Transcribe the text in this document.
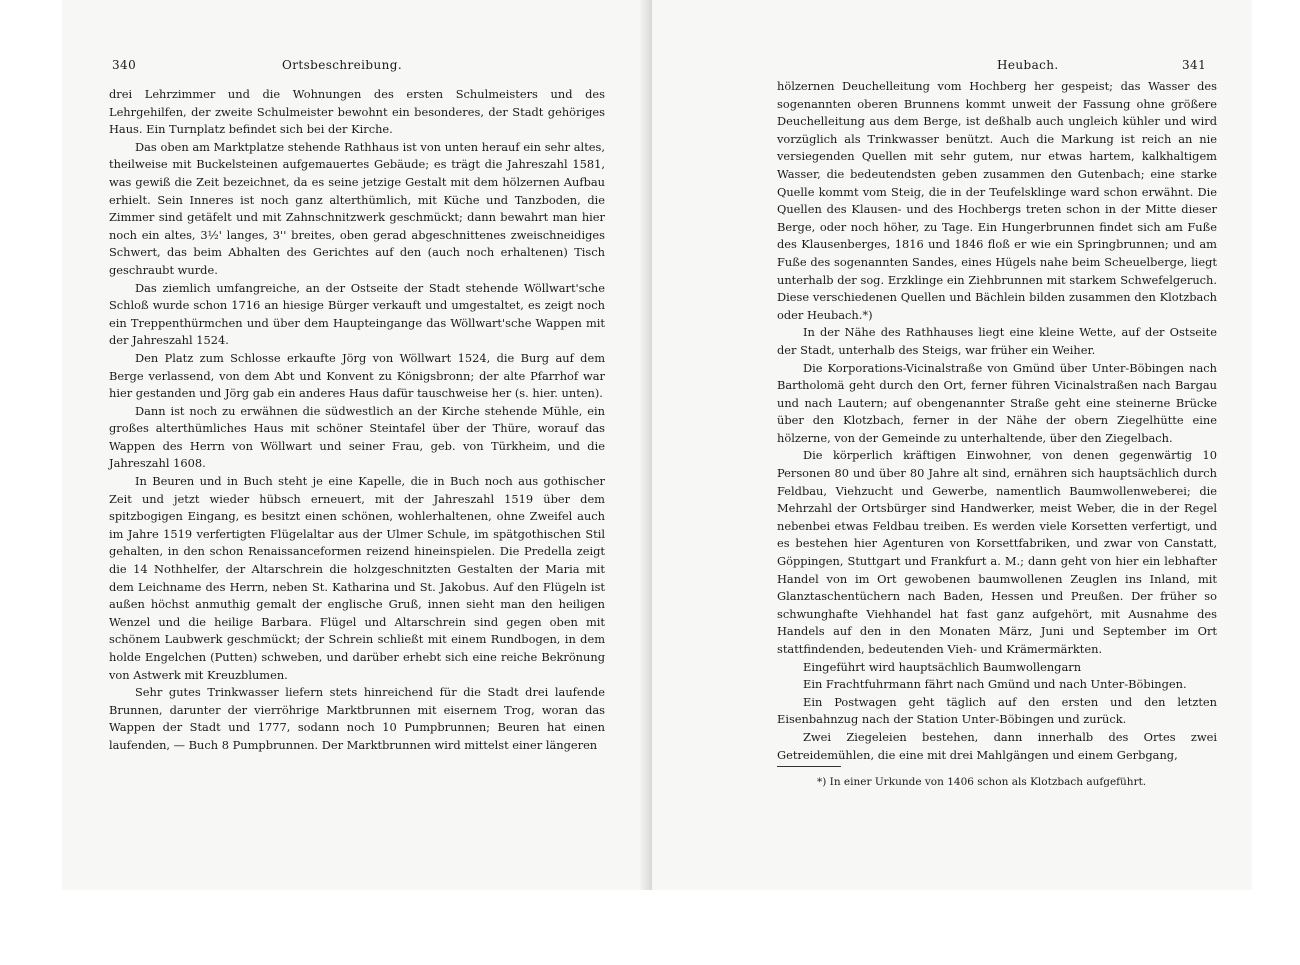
340	Ortsbeschreibung.

drei Lehrzimmer und die Wohnungen des ersten Schulmeisters und des Lehrgehilfen, der zweite Schulmeister bewohnt ein besonderes, der Stadt gehöriges Haus. Ein Turnplatz befindet sich bei der Kirche.

Das oben am Marktplatze stehende Rathhaus ist von unten herauf ein sehr altes, theilweise mit Buckelsteinen aufgemauertes Gebäude; es trägt die Jahreszahl 1581, was gewiß die Zeit bezeichnet, da es seine jetzige Gestalt mit dem hölzernen Aufbau erhielt. Sein Inneres ist noch ganz alterthümlich, mit Küche und Tanzboden, die Zimmer sind getäfelt und mit Zahnschnitzwerk geschmückt; dann bewahrt man hier noch ein altes, 3½' langes, 3'' breites, oben gerad abgeschnittenes zweischneidiges Schwert, das beim Abhalten des Gerichtes auf den (auch noch erhaltenen) Tisch geschraubt wurde.

Das ziemlich umfangreiche, an der Ostseite der Stadt stehende Wöllwart'sche Schloß wurde schon 1716 an hiesige Bürger verkauft und umgestaltet, es zeigt noch ein Treppenthürmchen und über dem Haupteingange das Wöllwart'sche Wappen mit der Jahreszahl 1524.

Den Platz zum Schlosse erkaufte Jörg von Wöllwart 1524, die Burg auf dem Berge verlassend, von dem Abt und Konvent zu Königsbronn; der alte Pfarrhof war hier gestanden und Jörg gab ein anderes Haus dafür tauschweise her (s. hier. unten).

Dann ist noch zu erwähnen die südwestlich an der Kirche stehende Mühle, ein großes alterthümliches Haus mit schöner Steintafel über der Thüre, worauf das Wappen des Herrn von Wöllwart und seiner Frau, geb. von Türkheim, und die Jahreszahl 1608.

In Beuren und in Buch steht je eine Kapelle, die in Buch noch aus gothischer Zeit und jetzt wieder hübsch erneuert, mit der Jahreszahl 1519 über dem spitzbogigen Eingang, es besitzt einen schönen, wohlerhaltenen, ohne Zweifel auch im Jahre 1519 verfertigten Flügelaltar aus der Ulmer Schule, im spätgothischen Stil gehalten, in den schon Renaissanceformen reizend hineinspielen. Die Predella zeigt die 14 Nothhelfer, der Altarschrein die holzgeschnitzten Gestalten der Maria mit dem Leichname des Herrn, neben St. Katharina und St. Jakobus. Auf den Flügeln ist außen höchst anmuthig gemalt der englische Gruß, innen sieht man den heiligen Wenzel und die heilige Barbara. Flügel und Altarschrein sind gegen oben mit schönem Laubwerk geschmückt; der Schrein schließt mit einem Rundbogen, in dem holde Engelchen (Putten) schweben, und darüber erhebt sich eine reiche Bekrönung von Astwerk mit Kreuzblumen.

Sehr gutes Trinkwasser liefern stets hinreichend für die Stadt drei laufende Brunnen, darunter der vierröhrige Marktbrunnen mit eisernem Trog, woran das Wappen der Stadt und 1777, sodann noch 10 Pumpbrunnen; Beuren hat einen laufenden, — Buch 8 Pumpbrunnen. Der Marktbrunnen wird mittelst einer längeren

Heubach.	341

hölzernen Deuchelleitung vom Hochberg her gespeist; das Wasser des sogenannten oberen Brunnens kommt unweit der Fassung ohne größere Deuchelleitung aus dem Berge, ist deßhalb auch ungleich kühler und wird vorzüglich als Trinkwasser benützt. Auch die Markung ist reich an nie versiegenden Quellen mit sehr gutem, nur etwas hartem, kalkhaltigem Wasser, die bedeutendsten geben zusammen den Gutenbach; eine starke Quelle kommt vom Steig, die in der Teufelsklinge ward schon erwähnt. Die Quellen des Klausen- und des Hochbergs treten schon in der Mitte dieser Berge, oder noch höher, zu Tage. Ein Hungerbrunnen findet sich am Fuße des Klausenberges, 1816 und 1846 floß er wie ein Springbrunnen; und am Fuße des sogenannten Sandes, eines Hügels nahe beim Scheuelberge, liegt unterhalb der sog. Erzklinge ein Ziehbrunnen mit starkem Schwefelgeruch. Diese verschiedenen Quellen und Bächlein bilden zusammen den Klotzbach oder Heubach.*)

In der Nähe des Rathhauses liegt eine kleine Wette, auf der Ostseite der Stadt, unterhalb des Steigs, war früher ein Weiher.

Die Korporations-Vicinalstraße von Gmünd über Unter-Böbingen nach Bartholomä geht durch den Ort, ferner führen Vicinalstraßen nach Bargau und nach Lautern; auf obengenannter Straße geht eine steinerne Brücke über den Klotzbach, ferner in der Nähe der obern Ziegelhütte eine hölzerne, von der Gemeinde zu unterhaltende, über den Ziegelbach.

Die körperlich kräftigen Einwohner, von denen gegenwärtig 10 Personen 80 und über 80 Jahre alt sind, ernähren sich hauptsächlich durch Feldbau, Viehzucht und Gewerbe, namentlich Baumwollenweberei; die Mehrzahl der Ortsbürger sind Handwerker, meist Weber, die in der Regel nebenbei etwas Feldbau treiben. Es werden viele Korsetten verfertigt, und es bestehen hier Agenturen von Korsettfabriken, und zwar von Canstatt, Göppingen, Stuttgart und Frankfurt a. M.; dann geht von hier ein lebhafter Handel von im Ort gewobenen baumwollenen Zeuglen ins Inland, mit Glanztaschentüchern nach Baden, Hessen und Preußen. Der früher so schwunghafte Viehhandel hat fast ganz aufgehört, mit Ausnahme des Handels auf den in den Monaten März, Juni und September im Ort stattfindenden, bedeutenden Vieh- und Krämermärkten.

Eingeführt wird hauptsächlich Baumwollengarn

Ein Frachtfuhrmann fährt nach Gmünd und nach Unter-Böbingen.

Ein Postwagen geht täglich auf den ersten und den letzten Eisenbahnzug nach der Station Unter-Böbingen und zurück.

Zwei Ziegeleien bestehen, dann innerhalb des Ortes zwei Getreidemühlen, die eine mit drei Mahlgängen und einem Gerbgang,

*) In einer Urkunde von 1406 schon als Klotzbach aufgeführt.
